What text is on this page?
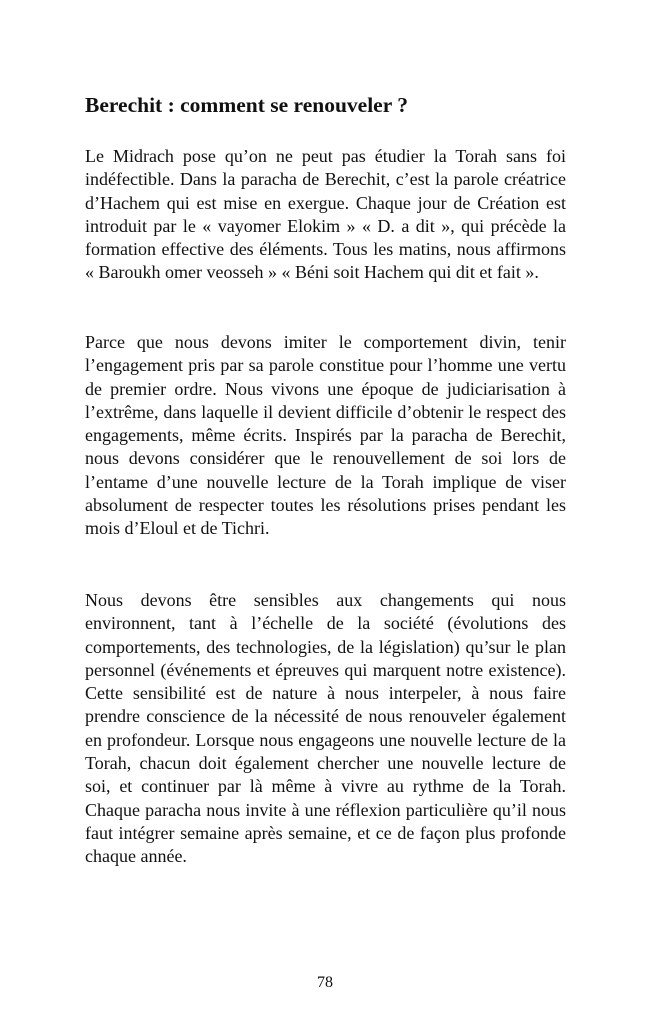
Berechit : comment se renouveler ?

Le Midrach pose qu’on ne peut pas étudier la Torah sans foi indéfectible. Dans la paracha de Berechit, c’est la parole créatrice d’Hachem qui est mise en exergue. Chaque jour de Création est introduit par le « vayomer Elokim » « D. a dit », qui précède la formation effective des éléments. Tous les matins, nous affirmons « Baroukh omer veosseh » « Béni soit Hachem qui dit et fait ».

Parce que nous devons imiter le comportement divin, tenir l’engagement pris par sa parole constitue pour l’homme une vertu de premier ordre. Nous vivons une époque de judiciarisation à l’extrême, dans laquelle il devient difficile d’obtenir le respect des engagements, même écrits. Inspirés par la paracha de Berechit, nous devons considérer que le renouvellement de soi lors de l’entame d’une nouvelle lecture de la Torah implique de viser absolument de respecter toutes les résolutions prises pendant les mois d’Eloul et de Tichri.

Nous devons être sensibles aux changements qui nous environnent, tant à l’échelle de la société (évolutions des comportements, des technologies, de la législation) qu’sur le plan personnel (événements et épreuves qui marquent notre existence). Cette sensibilité est de nature à nous interpeler, à nous faire prendre conscience de la nécessité de nous renouveler également en profondeur. Lorsque nous engageons une nouvelle lecture de la Torah, chacun doit également chercher une nouvelle lecture de soi, et continuer par là même à vivre au rythme de la Torah. Chaque paracha nous invite à une réflexion particulière qu’il nous faut intégrer semaine après semaine, et ce de façon plus profonde chaque année.

78
